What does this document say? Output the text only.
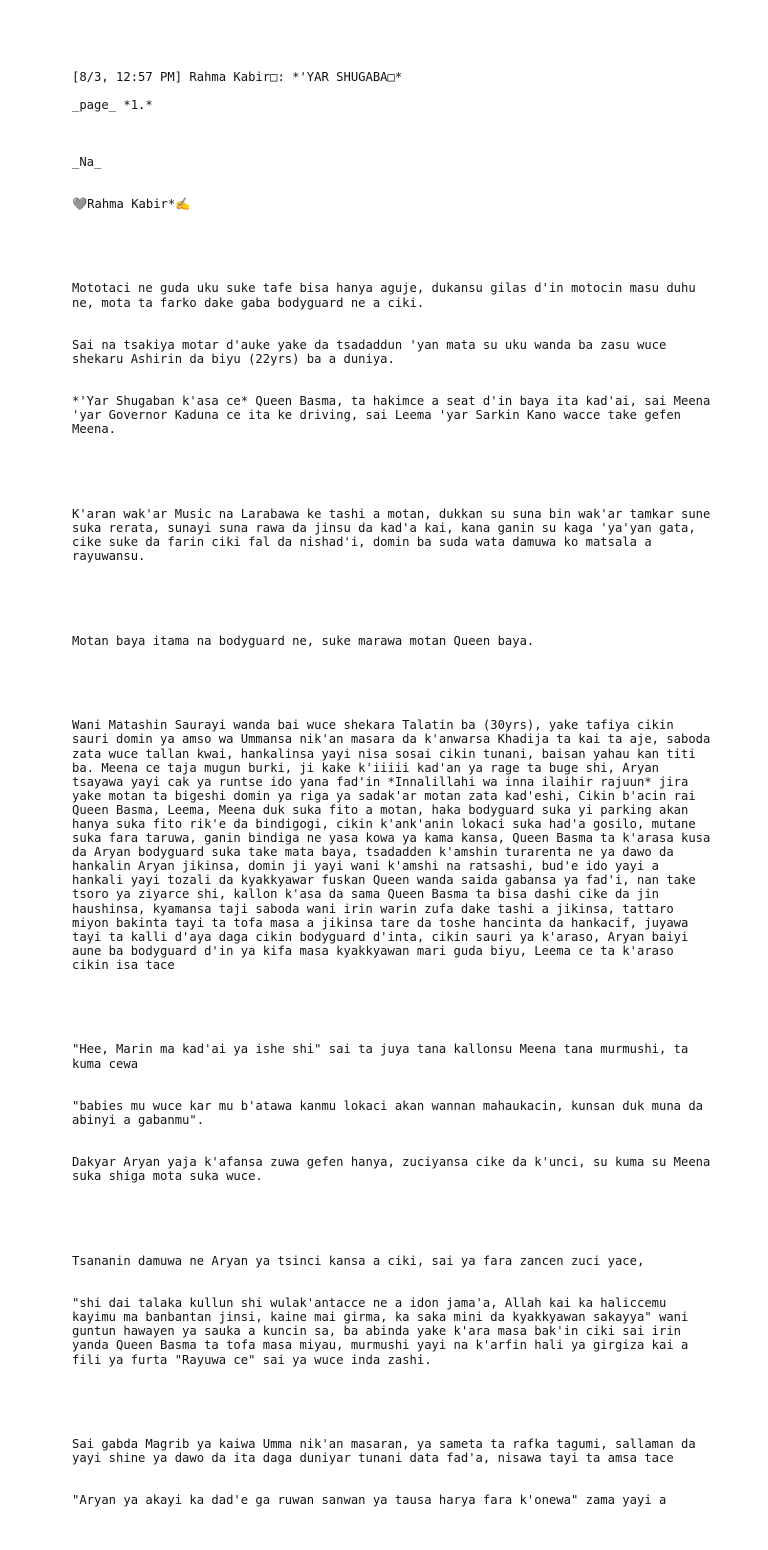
[8/3, 12:57 PM] Rahma Kabir□: *'YAR SHUGABA□*
_page_ *1.*

_Na_

🩶Rahma Kabir*✍️

Mototaci ne guda uku suke tafe bisa hanya aguje, dukansu gilas d'in motocin masu duhu ne, mota ta farko dake gaba bodyguard ne a ciki.

Sai na tsakiya motar d'auke yake da tsadaddun 'yan mata su uku wanda ba zasu wuce shekaru Ashirin da biyu (22yrs) ba a duniya.

*'Yar Shugaban k'asa ce* Queen Basma, ta hakimce a seat d'in baya ita kad'ai, sai Meena 'yar Governor Kaduna ce ita ke driving, sai Leema 'yar Sarkin Kano wacce take gefen Meena.

K'aran wak'ar Music na Larabawa ke tashi a motan, dukkan su suna bin wak'ar tamkar sune suka rerata, sunayi suna rawa da jinsu da kad'a kai, kana ganin su kaga 'ya'yan gata, cike suke da farin ciki fal da nishad'i, domin ba suda wata damuwa ko matsala a rayuwansu.

Motan baya itama na bodyguard ne, suke marawa motan Queen baya.

Wani Matashin Saurayi wanda bai wuce shekara Talatin ba (30yrs), yake tafiya cikin sauri domin ya amso wa Ummansa nik'an masara da k'anwarsa Khadija ta kai ta aje, saboda zata wuce tallan kwai, hankalinsa yayi nisa sosai cikin tunani, baisan yahau kan titi ba. Meena ce taja mugun burki, ji kake k'iiiii kad'an ya rage ta buge shi, Aryan tsayawa yayi cak ya runtse ido yana fad'in *Innalillahi wa inna ilaihir rajuun* jira yake motan ta bigeshi domin ya riga ya sadak'ar motan zata kad'eshi, Cikin b'acin rai Queen Basma, Leema, Meena duk suka fito a motan, haka bodyguard suka yi parking akan hanya suka fito rik'e da bindigogi, cikin k'ank'anin lokaci suka had'a gosilo, mutane suka fara taruwa, ganin bindiga ne yasa kowa ya kama kansa, Queen Basma ta k'arasa kusa da Aryan bodyguard suka take mata baya, tsadadden k'amshin turarenta ne ya dawo da hankalin Aryan jikinsa, domin ji yayi wani k'amshi na ratsashi, bud'e ido yayi a hankali yayi tozali da kyakkyawar fuskan Queen wanda saida gabansa ya fad'i, nan take tsoro ya ziyarce shi, kallon k'asa da sama Queen Basma ta bisa dashi cike da jin haushinsa, kyamansa taji saboda wani irin warin zufa dake tashi a jikinsa, tattaro miyon bakinta tayi ta tofa masa a jikinsa tare da toshe hancinta da hankacif, juyawa tayi ta kalli d'aya daga cikin bodyguard d'inta, cikin sauri ya k'araso, Aryan baiyi aune ba bodyguard d'in ya kifa masa kyakkyawan mari guda biyu, Leema ce ta k'araso cikin isa tace

"Hee, Marin ma kad'ai ya ishe shi" sai ta juya tana kallonsu Meena tana murmushi, ta kuma cewa

"babies mu wuce kar mu b'atawa kanmu lokaci akan wannan mahaukacin, kunsan duk muna da abinyi a gabanmu".

Dakyar Aryan yaja k'afansa zuwa gefen hanya, zuciyansa cike da k'unci, su kuma su Meena suka shiga mota suka wuce.

Tsananin damuwa ne Aryan ya tsinci kansa a ciki, sai ya fara zancen zuci yace,

"shi dai talaka kullun shi wulak'antacce ne a idon jama'a, Allah kai ka haliccemu kayimu ma banbantan jinsi, kaine mai girma, ka saka mini da kyakkyawan sakayya" wani guntun hawayen ya sauka a kuncin sa, ba abinda yake k'ara masa bak'in ciki sai irin yanda Queen Basma ta tofa masa miyau, murmushi yayi na k'arfin hali ya girgiza kai a fili ya furta "Rayuwa ce" sai ya wuce inda zashi.

Sai gabda Magrib ya kaiwa Umma nik'an masaran, ya sameta ta rafka tagumi, sallaman da yayi shine ya dawo da ita daga duniyar tunani data fad'a, nisawa tayi ta amsa tace

"Aryan ya akayi ka dad'e ga ruwan sanwan ya tausa harya fara k'onewa" zama yayi a
